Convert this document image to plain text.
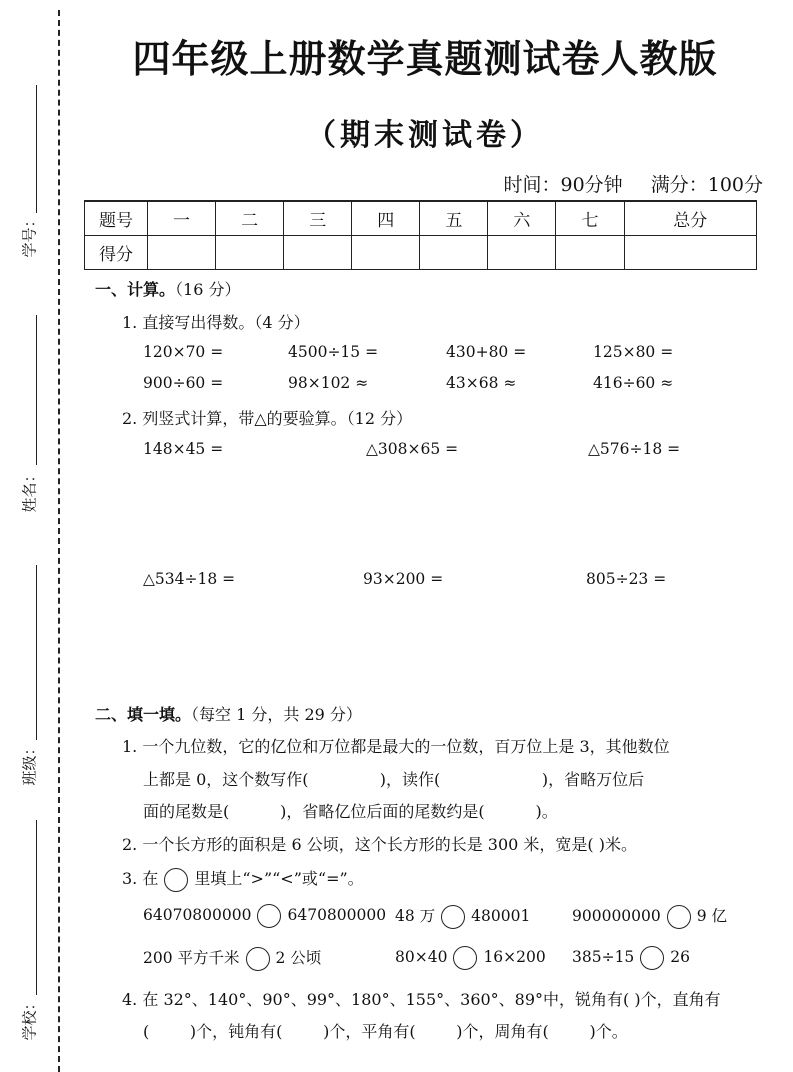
学号：
姓名：
班级：
学校：
四年级上册数学真题测试卷人教版
（期末测试卷）
时间：90分钟 满分：100分
题号	一	二	三	四	五	六	七	总分
得分								
一、计算。（16 分）
1. 直接写出得数。（4 分）
120×70 =	4500÷15 =	430+80 =	125×80 =
900÷60 =	98×102 ≈	43×68 ≈	416÷60 ≈
2. 列竖式计算，带△的要验算。（12 分）
148×45 =	△308×65 =	△576÷18 =
△534÷18 =	93×200 =	805÷23 =
二、填一填。（每空 1 分，共 29 分）
1. 一个九位数，它的亿位和万位都是最大的一位数，百万位上是 3，其他数位
上都是 0，这个数写作(              )，读作(                    )，省略万位后
面的尾数是(          )，省略亿位后面的尾数约是(          )。
2. 一个长方形的面积是 6 公顷，这个长方形的长是 300 米，宽是( )米。
3. 在 里填上“>”“<”或“=”。
64070800000 6470800000 48 万 480001	900000000 9 亿
200 平方千米 2 公顷	80×40 16×200 385÷15 26
4. 在 32°、140°、90°、99°、180°、155°、360°、89°中，锐角有( )个，直角有
(        )个，钝角有(        )个，平角有(        )个，周角有(        )个。
